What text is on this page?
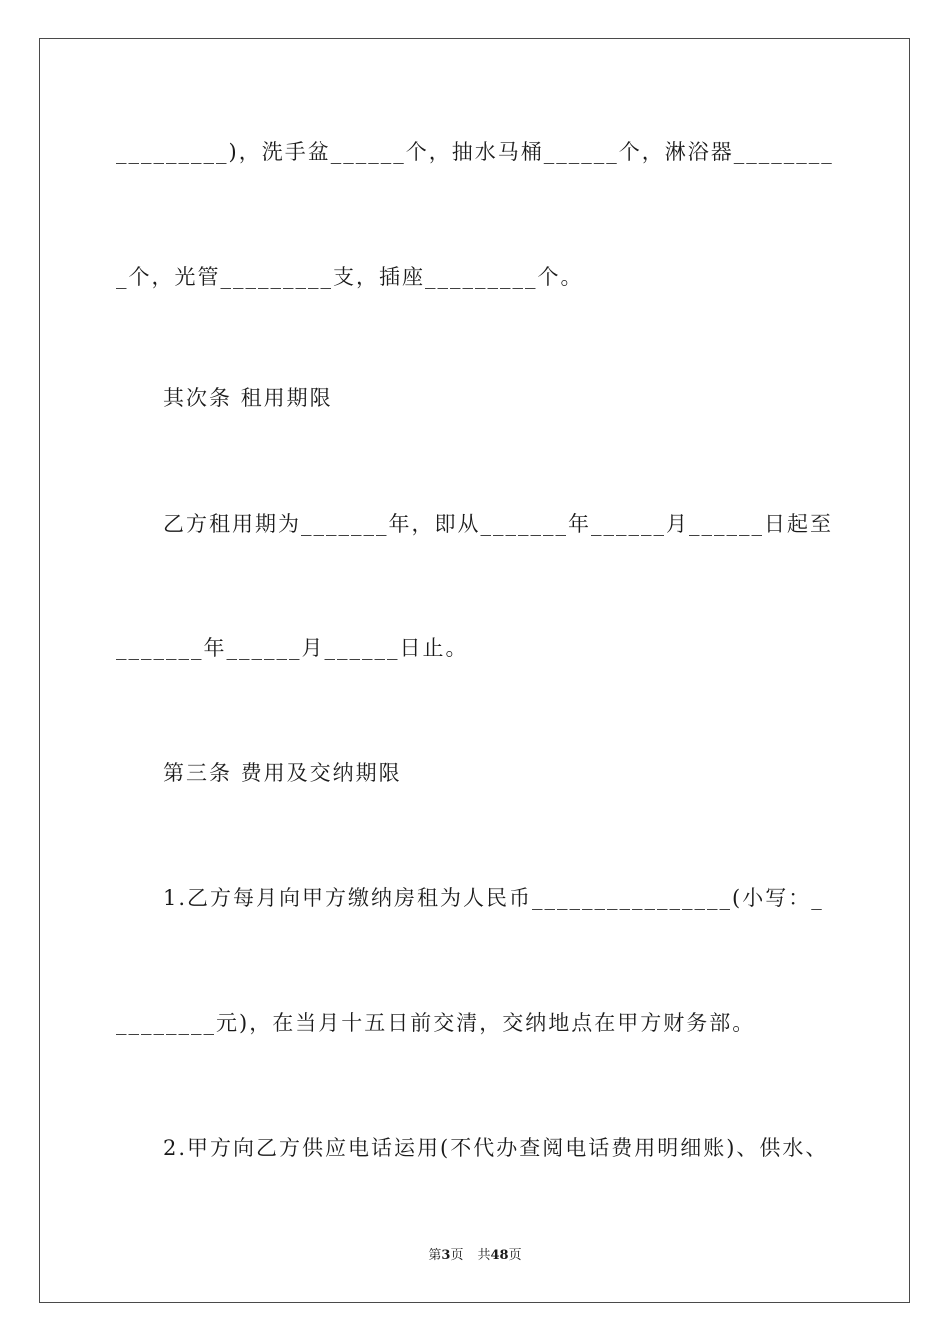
_________)，洗手盆______个，抽水马桶______个，淋浴器________
_个，光管_________支，插座_________个。
其次条 租用期限
乙方租用期为_______年，即从_______年______月______日起至
_______年______月______日止。
第三条 费用及交纳期限
1.乙方每月向甲方缴纳房租为人民币________________(小写：_
________元)，在当月十五日前交清，交纳地点在甲方财务部。
2.甲方向乙方供应电话运用(不代办查阅电话费用明细账)、供水、
第3页 共48页
